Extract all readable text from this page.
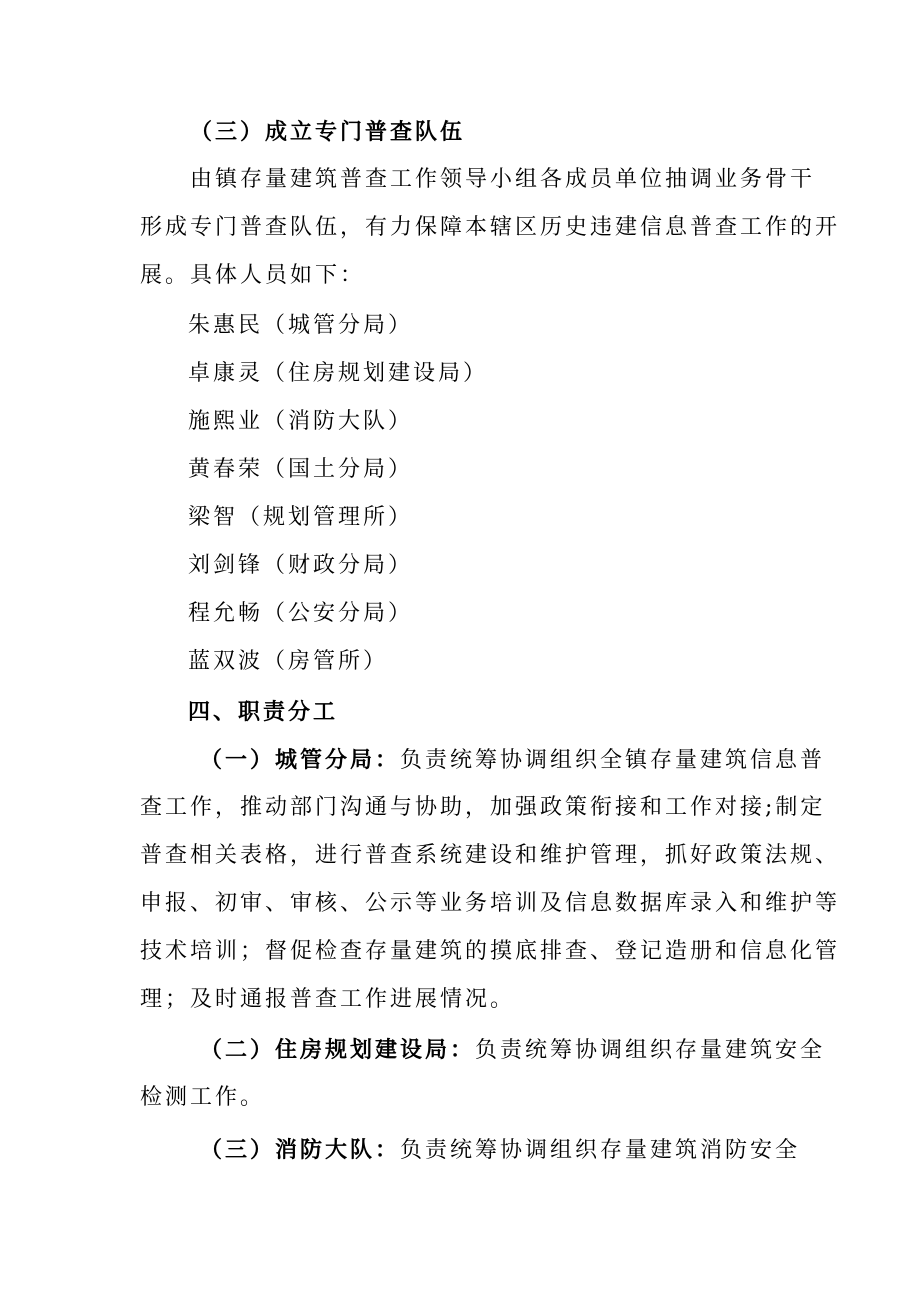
（三）成立专门普查队伍
由镇存量建筑普查工作领导小组各成员单位抽调业务骨干
形成专门普查队伍，有力保障本辖区历史违建信息普查工作的开
展。具体人员如下：
朱惠民（城管分局）
卓康灵（住房规划建设局）
施熙业（消防大队）
黄春荣（国土分局）
梁智（规划管理所）
刘剑锋（财政分局）
程允畅（公安分局）
蓝双波（房管所）
四、职责分工
（一）城管分局：负责统筹协调组织全镇存量建筑信息普
查工作，推动部门沟通与协助，加强政策衔接和工作对接;制定
普查相关表格，进行普查系统建设和维护管理，抓好政策法规、
申报、初审、审核、公示等业务培训及信息数据库录入和维护等
技术培训；督促检查存量建筑的摸底排查、登记造册和信息化管
理；及时通报普查工作进展情况。
（二）住房规划建设局：负责统筹协调组织存量建筑安全
检测工作。
（三）消防大队：负责统筹协调组织存量建筑消防安全
